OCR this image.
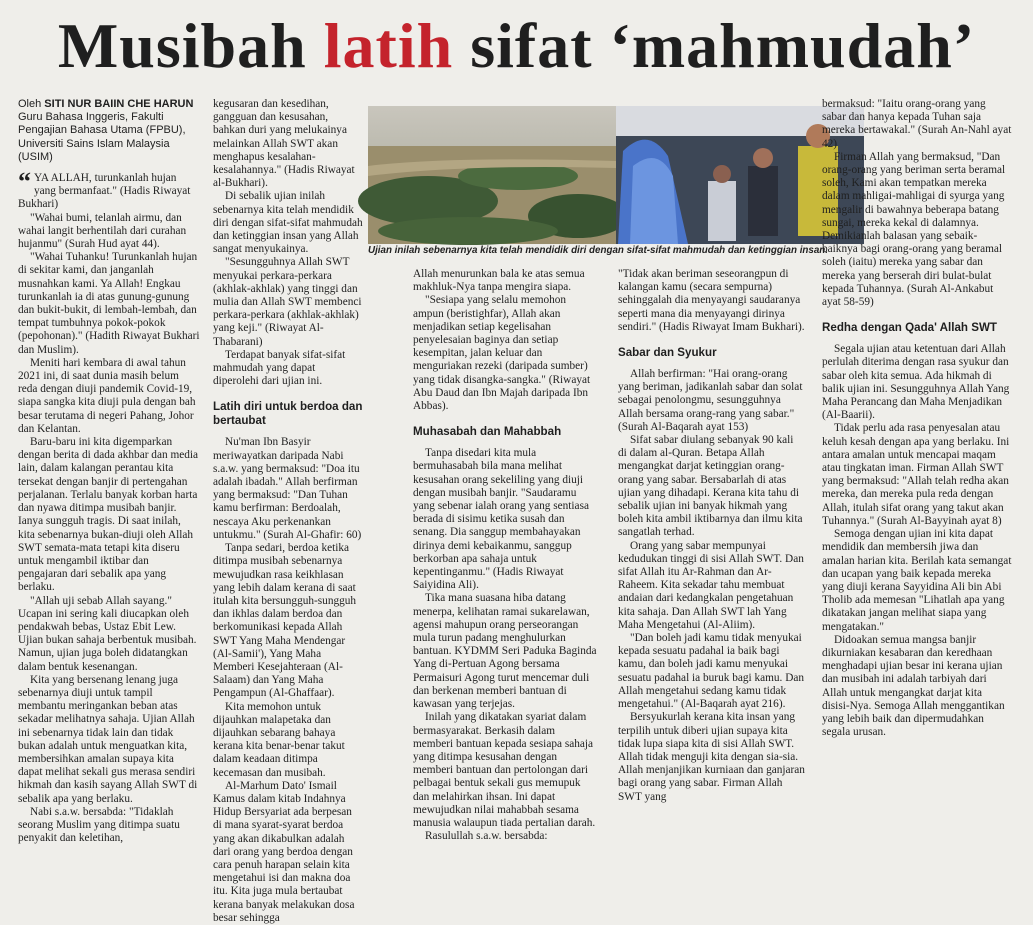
Musibah latih sifat ‘mahmudah’
Ujian inilah sebenarnya kita telah mendidik diri dengan sifat-sifat mahmudah dan ketinggian insan.
Oleh SITI NUR BAIIN CHE HARUN
Guru Bahasa Inggeris, Fakulti Pengajian Bahasa Utama (FPBU), Universiti Sains Islam Malaysia (USIM)

“ YA ALLAH, turunkanlah hujan yang bermanfaat." (Hadis Riwayat Bukhari)

"Wahai bumi, telanlah airmu, dan wahai langit berhentilah dari curahan hujanmu" (Surah Hud ayat 44).

"Wahai Tuhanku! Turunkanlah hujan di sekitar kami, dan janganlah musnahkan kami. Ya Allah! Engkau turunkanlah ia di atas gunung-gunung dan bukit-bukit, di lembah-lembah, dan tempat tumbuhnya pokok-pokok (pepohonan)." (Hadith Riwayat Bukhari dan Muslim).

Meniti hari kembara di awal tahun 2021 ini, di saat dunia masih belum reda dengan diuji pandemik Covid-19, siapa sangka kita diuji pula dengan bah besar terutama di negeri Pahang, Johor dan Kelantan.

Baru-baru ini kita digemparkan dengan berita di dada akhbar dan media lain, dalam kalangan perantau kita tersekat dengan banjir di pertengahan perjalanan. Terlalu banyak korban harta dan nyawa ditimpa musibah banjir. Ianya sungguh tragis. Di saat inilah, kita sebenarnya bukan-diuji oleh Allah SWT semata-mata tetapi kita diseru untuk mengambil iktibar dan pengajaran dari sebalik apa yang berlaku.

"Allah uji sebab Allah sayang." Ucapan ini sering kali diucapkan oleh pendakwah bebas, Ustaz Ebit Lew. Ujian bukan sahaja berbentuk musibah. Namun, ujian juga boleh didatangkan dalam bentuk kesenangan.

Kita yang bersenang lenang juga sebenarnya diuji untuk tampil membantu meringankan beban atas sekadar melihatnya sahaja. Ujian Allah ini sebenarnya tidak lain dan tidak bukan adalah untuk menguatkan kita, membersihkan amalan supaya kita dapat melihat sekali gus merasa sendiri hikmah dan kasih sayang Allah SWT di sebalik apa yang berlaku.

Nabi s.a.w. bersabda: "Tidaklah seorang Muslim yang ditimpa suatu penyakit dan keletihan,

kegusaran dan kesedihan, gangguan dan kesusahan, bahkan duri yang melukainya melainkan Allah SWT akan menghapus kesalahan-kesalahannya." (Hadis Riwayat al-Bukhari).

Di sebalik ujian inilah sebenarnya kita telah mendidik diri dengan sifat-sifat mahmudah dan ketinggian insan yang Allah sangat menyukainya.

"Sesungguhnya Allah SWT menyukai perkara-perkara (akhlak-akhlak) yang tinggi dan mulia dan Allah SWT membenci perkara-perkara (akhlak-akhlak) yang keji." (Riwayat Al-Thabarani)

Terdapat banyak sifat-sifat mahmudah yang dapat diperolehi dari ujian ini.

Latih diri untuk berdoa dan bertaubat

Nu'man Ibn Basyir meriwayatkan daripada Nabi s.a.w. yang bermaksud: "Doa itu adalah ibadah." Allah berfirman yang bermaksud: "Dan Tuhan kamu berfirman: Berdoalah, nescaya Aku perkenankan untukmu." (Surah Al-Ghafir: 60)

Tanpa sedari, berdoa ketika ditimpa musibah sebenarnya mewujudkan rasa keikhlasan yang lebih dalam kerana di saat itulah kita bersungguh-sungguh dan ikhlas dalam berdoa dan berkomunikasi kepada Allah SWT Yang Maha Mendengar (Al-Samii'), Yang Maha Memberi Kesejahteraan (Al-Salaam) dan Yang Maha Pengampun (Al-Ghaffaar).

Kita memohon untuk dijauhkan malapetaka dan dijauhkan sebarang bahaya kerana kita benar-benar takut dalam keadaan ditimpa kecemasan dan musibah.

Al-Marhum Dato' Ismail Kamus dalam kitab Indahnya Hidup Bersyariat ada berpesan di mana syarat-syarat berdoa yang akan dikabulkan adalah dari orang yang berdoa dengan cara penuh harapan selain kita mengetahui isi dan makna doa itu. Kita juga mula bertaubat kerana banyak melakukan dosa besar sehingga

Allah menurunkan bala ke atas semua makhluk-Nya tanpa mengira siapa.

"Sesiapa yang selalu memohon ampun (beristighfar), Allah akan menjadikan setiap kegelisahan penyelesaian baginya dan setiap kesempitan, jalan keluar dan menguriakan rezeki (daripada sumber) yang tidak disangka-sangka." (Riwayat Abu Daud dan Ibn Majah daripada Ibn Abbas).

Muhasabah dan Mahabbah

Tanpa disedari kita mula bermuhasabah bila mana melihat kesusahan orang sekeliling yang diuji dengan musibah banjir. "Saudaramu yang sebenar ialah orang yang sentiasa berada di sisimu ketika susah dan senang. Dia sanggup membahayakan dirinya demi kebaikanmu, sanggup berkorban apa sahaja untuk kepentinganmu." (Hadis Riwayat Saiyidina Ali).

Tika mana suasana hiba datang menerpa, kelihatan ramai sukarelawan, agensi mahupun orang perseorangan mula turun padang menghulurkan bantuan. KYDMM Seri Paduka Baginda Yang di-Pertuan Agong bersama Permaisuri Agong turut mencemar duli dan berkenan memberi bantuan di kawasan yang terjejas.

Inilah yang dikatakan syariat dalam bermasyarakat. Berkasih dalam memberi bantuan kepada sesiapa sahaja yang ditimpa kesusahan dengan memberi bantuan dan pertolongan dari pelbagai bentuk sekali gus memupuk dan melahirkan ihsan. Ini dapat mewujudkan nilai mahabbah sesama manusia walaupun tiada pertalian darah.

Rasulullah s.a.w. bersabda:

"Tidak akan beriman seseorangpun di kalangan kamu (secara sempurna) sehinggalah dia menyayangi saudaranya seperti mana dia menyayangi dirinya sendiri." (Hadis Riwayat Imam Bukhari).

Sabar dan Syukur

Allah berfirman: "Hai orang-orang yang beriman, jadikanlah sabar dan solat sebagai penolongmu, sesungguhnya Allah bersama orang-rang yang sabar." (Surah Al-Baqarah ayat 153)

Sifat sabar diulang sebanyak 90 kali di dalam al-Quran. Betapa Allah mengangkat darjat ketinggian orang-orang yang sabar. Bersabarlah di atas ujian yang dihadapi. Kerana kita tahu di sebalik ujian ini banyak hikmah yang boleh kita ambil iktibarnya dan ilmu kita sangatlah terhad.

Orang yang sabar mempunyai kedudukan tinggi di sisi Allah SWT. Dan sifat Allah itu Ar-Rahman dan Ar-Raheem. Kita sekadar tahu membuat andaian dari kedangkalan pengetahuan kita sahaja. Dan Allah SWT lah Yang Maha Mengetahui (Al-Aliim).

"Dan boleh jadi kamu tidak menyukai kepada sesuatu padahal ia baik bagi kamu, dan boleh jadi kamu menyukai sesuatu padahal ia buruk bagi kamu. Dan Allah mengetahui sedang kamu tidak mengetahui." (Al-Baqarah ayat 216).

Bersyukurlah kerana kita insan yang terpilih untuk diberi ujian supaya kita tidak lupa siapa kita di sisi Allah SWT. Allah tidak menguji kita dengan sia-sia. Allah menjanjikan kurniaan dan ganjaran bagi orang yang sabar. Firman Allah SWT yang

bermaksud: "Iaitu orang-orang yang sabar dan hanya kepada Tuhan saja mereka bertawakal." (Surah An-Nahl ayat 42)

Firman Allah yang bermaksud, "Dan orang-orang yang beriman serta beramal soleh, Kami akan tempatkan mereka dalam mahligai-mahligai di syurga yang mengalir di bawahnya beberapa batang sungai, mereka kekal di dalamnya. Demikianlah balasan yang sebaik-baiknya bagi orang-orang yang beramal soleh (iaitu) mereka yang sabar dan mereka yang berserah diri bulat-bulat kepada Tuhannya. (Surah Al-Ankabut ayat 58-59)

Redha dengan Qada' Allah SWT

Segala ujian atau ketentuan dari Allah perlulah diterima dengan rasa syukur dan sabar oleh kita semua. Ada hikmah di balik ujian ini. Sesungguhnya Allah Yang Maha Perancang dan Maha Menjadikan (Al-Baarii).

Tidak perlu ada rasa penyesalan atau keluh kesah dengan apa yang berlaku. Ini antara amalan untuk mencapai maqam atau tingkatan iman. Firman Allah SWT yang bermaksud: "Allah telah redha akan mereka, dan mereka pula reda dengan Allah, itulah sifat orang yang takut akan Tuhannya." (Surah Al-Bayyinah ayat 8)

Semoga dengan ujian ini kita dapat mendidik dan membersih jiwa dan amalan harian kita. Berilah kata semangat dan ucapan yang baik kepada mereka yang diuji kerana Sayyidina Ali bin Abi Tholib ada memesan "Lihatlah apa yang dikatakan jangan melihat siapa yang mengatakan."

Didoakan semua mangsa banjir dikurniakan kesabaran dan keredhaan menghadapi ujian besar ini kerana ujian dan musibah ini adalah tarbiyah dari Allah untuk mengangkat darjat kita disisi-Nya. Semoga Allah menggantikan yang lebih baik dan dipermudahkan segala urusan.
